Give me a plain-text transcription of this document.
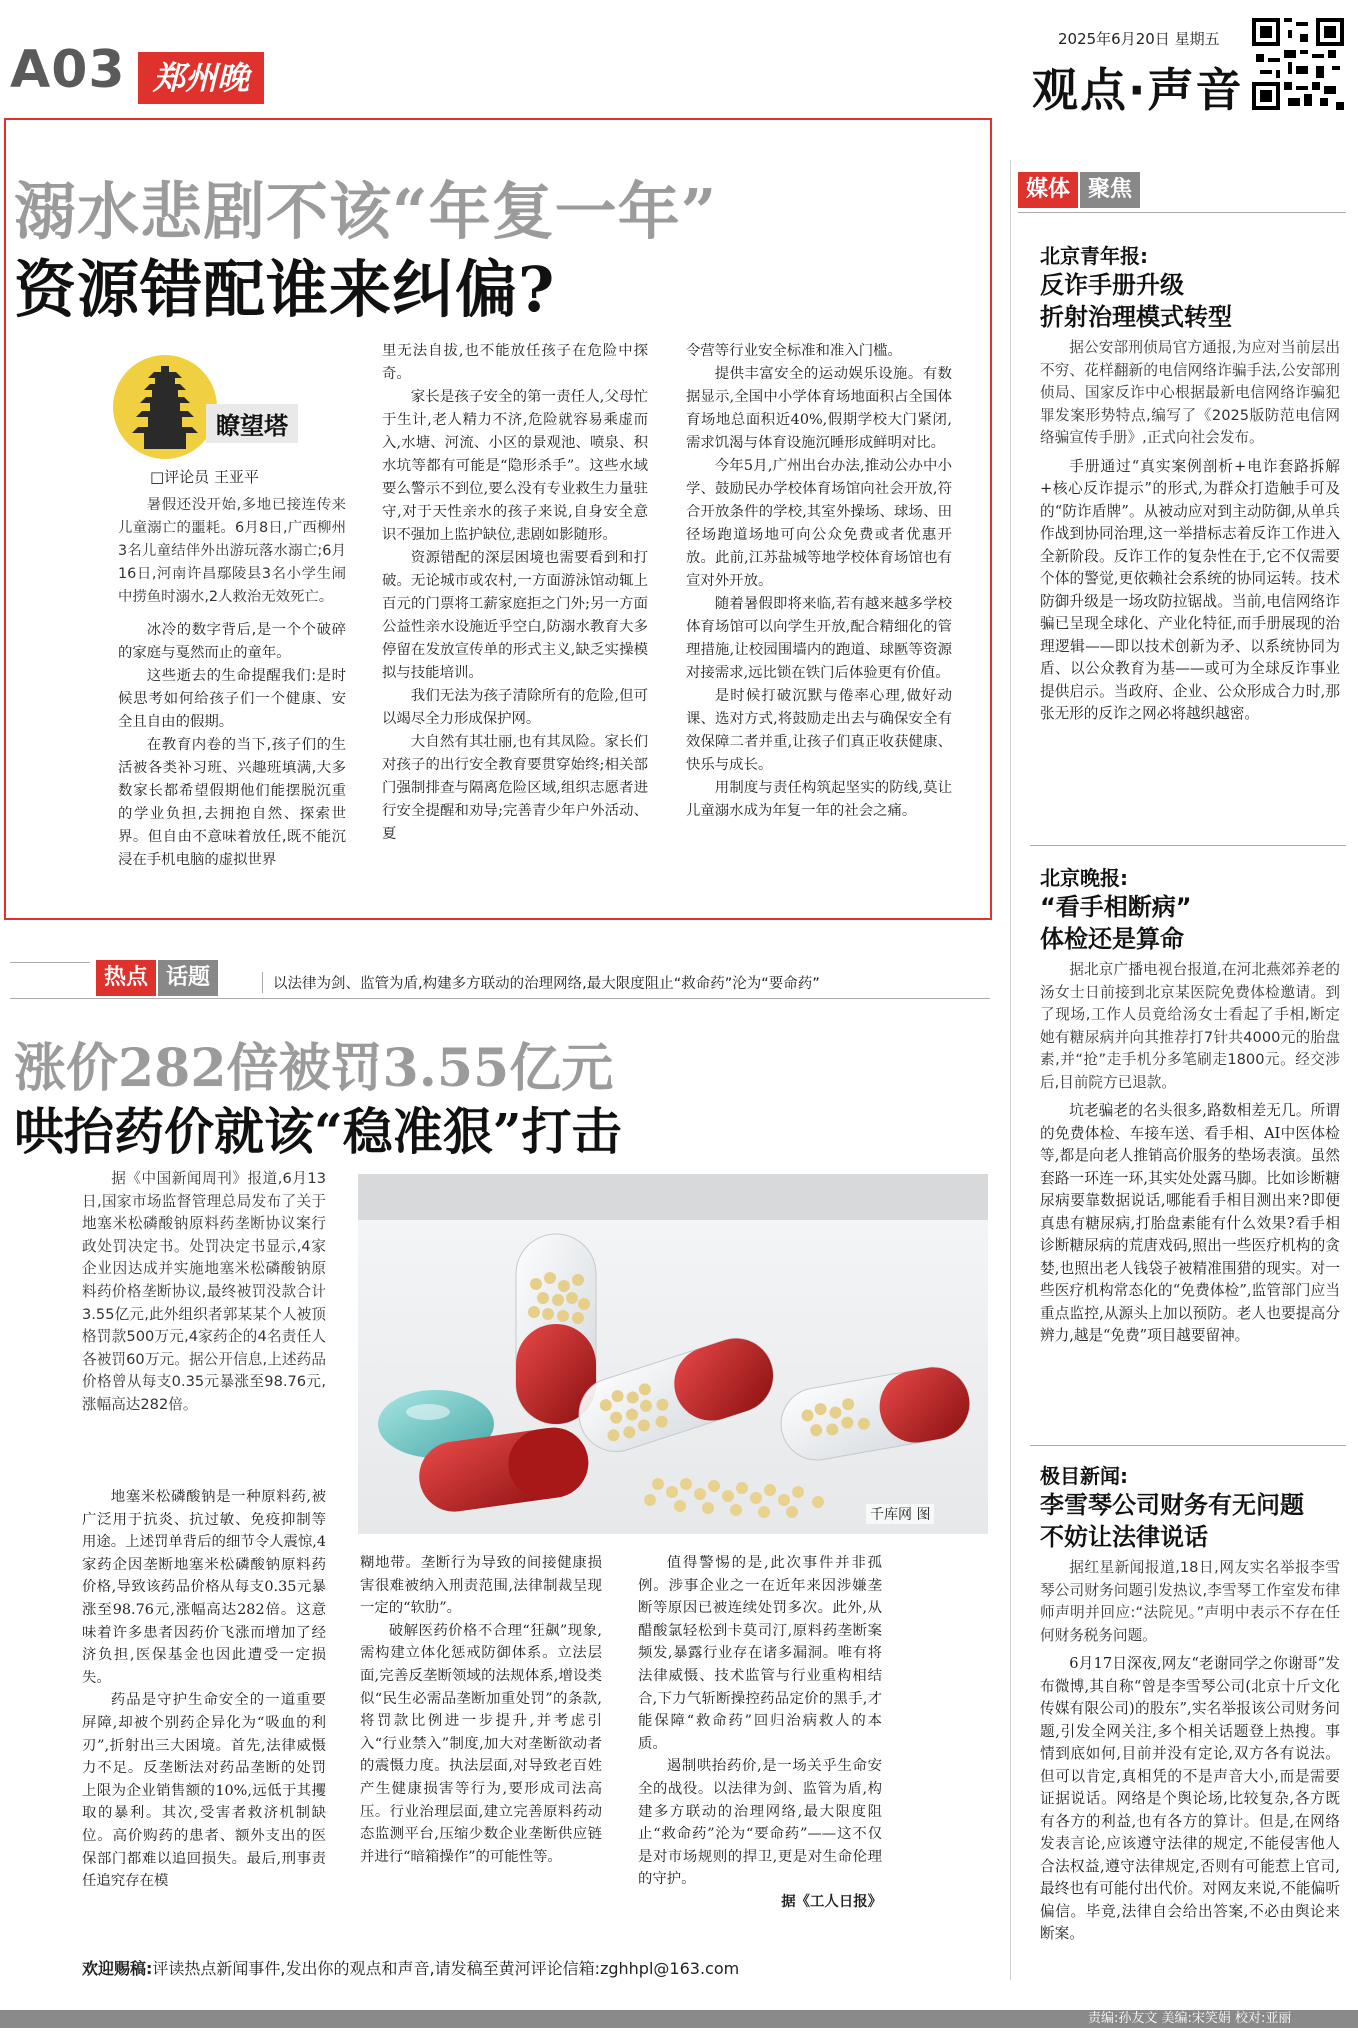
A03 郑州晚报
2025年6月20日 星期五
观点·声音
溺水悲剧不该“年复一年”
资源错配谁来纠偏?
瞭望塔
□评论员 王亚平

暑假还没开始,多地已接连传来儿童溺亡的噩耗。6月8日,广西柳州3名儿童结伴外出游玩落水溺亡;6月16日,河南许昌鄢陵县3名小学生闹中捞鱼时溺水,2人救治无效死亡。

冰冷的数字背后,是一个个破碎的家庭与戛然而止的童年。

这些逝去的生命提醒我们:是时候思考如何给孩子们一个健康、安全且自由的假期。

在教育内卷的当下,孩子们的生活被各类补习班、兴趣班填满,大多数家长都希望假期他们能摆脱沉重的学业负担,去拥抱自然、探索世界。但自由不意味着放任,既不能沉浸在手机电脑的虚拟世界

里无法自拔,也不能放任孩子在危险中探奇。

家长是孩子安全的第一责任人,父母忙于生计,老人精力不济,危险就容易乘虚而入,水塘、河流、小区的景观池、喷泉、积水坑等都有可能是“隐形杀手”。这些水域要么警示不到位,要么没有专业救生力量驻守,对于天性亲水的孩子来说,自身安全意识不强加上监护缺位,悲剧如影随形。

资源错配的深层困境也需要看到和打破。无论城市或农村,一方面游泳馆动辄上百元的门票将工薪家庭拒之门外;另一方面公益性亲水设施近乎空白,防溺水教育大多停留在发放宣传单的形式主义,缺乏实操模拟与技能培训。

我们无法为孩子清除所有的危险,但可以竭尽全力形成保护网。

大自然有其壮丽,也有其凤险。家长们对孩子的出行安全教育要贯穿始终;相关部门强制排查与隔离危险区域,组织志愿者进行安全提醒和劝导;完善青少年户外活动、夏

令营等行业安全标准和准入门槛。

提供丰富安全的运动娱乐设施。有数据显示,全国中小学体育场地面积占全国体育场地总面积近40%,假期学校大门紧闭,需求饥渴与体育设施沉睡形成鲜明对比。

今年5月,广州出台办法,推动公办中小学、鼓励民办学校体育场馆向社会开放,符合开放条件的学校,其室外操场、球场、田径场跑道场地可向公众免费或者优惠开放。此前,江苏盐城等地学校体育场馆也有宣对外开放。

随着暑假即将来临,若有越来越多学校体育场馆可以向学生开放,配合精细化的管理措施,让校园围墙内的跑道、球匦等资源对接需求,远比锁在铁门后体验更有价值。

是时候打破沉默与倦率心理,做好动课、选对方式,将鼓励走出去与确保安全有效保障二者并重,让孩子们真正收获健康、快乐与成长。

用制度与责任构筑起坚实的防线,莫让儿童溺水成为年复一年的社会之痛。

热点 话题	以法律为剑、监管为盾,构建多方联动的治理网络,最大限度阻止“救命药”沦为“要命药”
涨价282倍被罚3.55亿元
哄抬药价就该“稳准狠”打击

据《中国新闻周刊》报道,6月13日,国家市场监督管理总局发布了关于地塞米松磷酸钠原料药垄断协议案行政处罚决定书。处罚决定书显示,4家企业因达成并实施地塞米松磷酸钠原料药价格垄断协议,最终被罚没款合计3.55亿元,此外组织者郭某某个人被顶格罚款500万元,4家药企的4名责任人各被罚60万元。据公开信息,上述药品价格曾从每支0.35元暴涨至98.76元,涨幅高达282倍。

千库网 图

地塞米松磷酸钠是一种原料药,被广泛用于抗炎、抗过敏、免疫抑制等用途。上述罚单背后的细节令人震惊,4家药企因垄断地塞米松磷酸钠原料药价格,导致该药品价格从每支0.35元暴涨至98.76元,涨幅高达282倍。这意味着许多患者因药价飞涨而增加了经济负担,医保基金也因此遭受一定损失。

药品是守护生命安全的一道重要屏障,却被个别药企异化为“吸血的利刃”,折射出三大困境。首先,法律威慑力不足。反垄断法对药品垄断的处罚上限为企业销售额的10%,远低于其攫取的暴利。其次,受害者救济机制缺位。高价购药的患者、额外支出的医保部门都难以追回损失。最后,刑事责任追究存在模

糊地带。垄断行为导致的间接健康损害很难被纳入刑责范围,法律制裁呈现一定的“软肋”。

破解医药价格不合理“狂飙”现象,需构建立体化惩戒防御体系。立法层面,完善反垄断领域的法规体系,增设类似“民生必需品垄断加重处罚”的条款,将罚款比例进一步提升,并考虑引入“行业禁入”制度,加大对垄断欲动者的震慑力度。执法层面,对导致老百姓产生健康损害等行为,要形成司法高压。行业治理层面,建立完善原料药动态监测平台,压缩少数企业垄断供应链并进行“暗箱操作”的可能性等。

值得警惕的是,此次事件并非孤例。涉事企业之一在近年来因涉嫌垄断等原因已被连续处罚多次。此外,从醋酸氯轻松到卡莫司汀,原料药垄断案频发,暴露行业存在诸多漏洞。唯有将法律威慑、技术监管与行业重构相结合,下力气斩断操控药品定价的黑手,才能保障“救命药”回归治病救人的本质。

遏制哄抬药价,是一场关乎生命安全的战役。以法律为剑、监管为盾,构建多方联动的治理网络,最大限度阻止“救命药”沦为“要命药”——这不仅是对市场规则的捍卫,更是对生命伦理的守护。

据《工人日报》

欢迎赐稿:评读热点新闻事件,发出你的观点和声音,请发稿至黄河评论信箱:zghhpl@163.com
媒体 聚焦
北京青年报:
反诈手册升级
折射治理模式转型

据公安部刑侦局官方通报,为应对当前层出不穷、花样翻新的电信网络诈骗手法,公安部刑侦局、国家反诈中心根据最新电信网络诈骗犯罪发案形势特点,编写了《2025版防范电信网络骗宣传手册》,正式向社会发布。

手册通过“真实案例剖析+电诈套路拆解+核心反诈提示”的形式,为群众打造触手可及的“防诈盾牌”。从被动应对到主动防御,从单兵作战到协同治理,这一举措标志着反诈工作进入全新阶段。反诈工作的复杂性在于,它不仅需要个体的警觉,更依赖社会系统的协同运转。技术防御升级是一场攻防拉锯战。当前,电信网络诈骗已呈现全球化、产业化特征,而手册展现的治理逻辑——即以技术创新为矛、以系统协同为盾、以公众教育为基——或可为全球反诈事业提供启示。当政府、企业、公众形成合力时,那张无形的反诈之网必将越织越密。

北京晚报:
“看手相断病”
体检还是算命

据北京广播电视台报道,在河北燕郊养老的汤女士日前接到北京某医院免费体检邀请。到了现场,工作人员竟给汤女士看起了手相,断定她有糖尿病并向其推荐打7针共4000元的胎盘素,并“抢”走手机分多笔刷走1800元。经交涉后,目前院方已退款。

坑老骗老的名头很多,路数相差无几。所谓的免费体检、车接车送、看手相、AI中医体检等,都是向老人推销高价服务的垫场表演。虽然套路一环连一环,其实处处露马脚。比如诊断糖尿病要靠数据说话,哪能看手相目测出来?即便真患有糖尿病,打胎盘素能有什么效果?看手相诊断糖尿病的荒唐戏码,照出一些医疗机构的贪婪,也照出老人钱袋子被精准围猎的现实。对一些医疗机构常态化的“免费体检”,监管部门应当重点监控,从源头上加以预防。老人也要提高分辨力,越是“免费”项目越要留神。

极目新闻:
李雪琴公司财务有无问题
不妨让法律说话

据红星新闻报道,18日,网友实名举报李雪琴公司财务问题引发热议,李雪琴工作室发布律师声明并回应:“法院见。”声明中表示不存在任何财务税务问题。

6月17日深夜,网友“老谢同学之你谢哥”发布微博,其自称“曾是李雪琴公司(北京十斤文化传媒有限公司)的股东”,实名举报该公司财务问题,引发全网关注,多个相关话题登上热搜。事情到底如何,目前并没有定论,双方各有说法。但可以肯定,真相凭的不是声音大小,而是需要证据说话。网络是个舆论场,比较复杂,各方既有各方的利益,也有各方的算计。但是,在网络发表言论,应该遵守法律的规定,不能侵害他人合法权益,遵守法律规定,否则有可能惹上官司,最终也有可能付出代价。对网友来说,不能偏听偏信。毕竟,法律自会给出答案,不必由舆论来断案。

责编:孙友文 美编:宋笑娟 校对:亚丽
